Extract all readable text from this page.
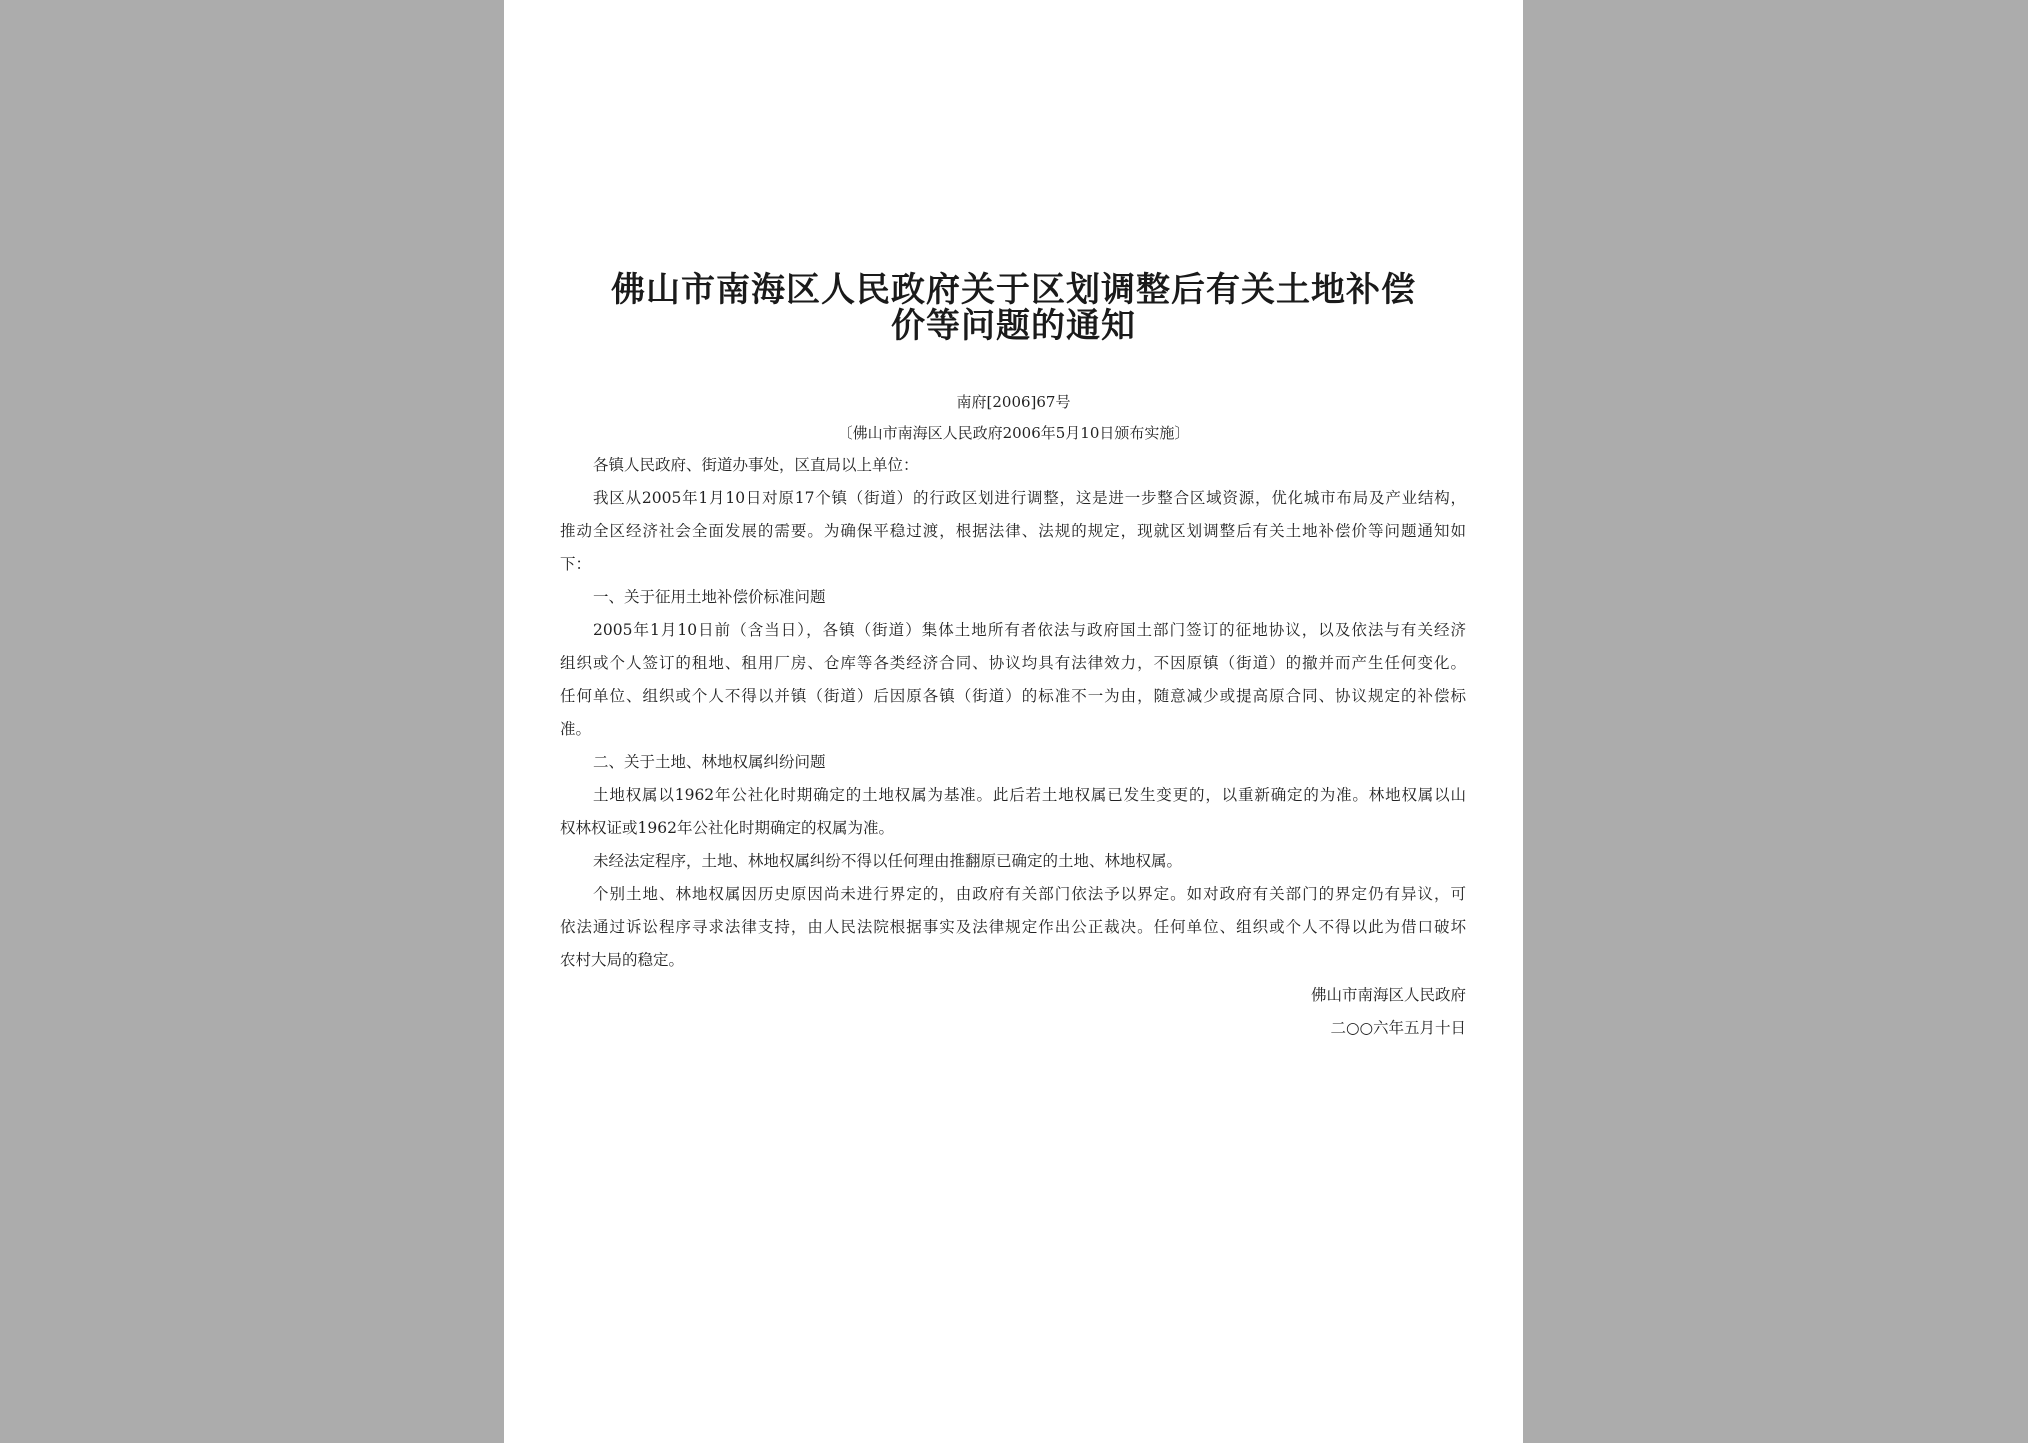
佛山市南海区人民政府关于区划调整后有关土地补偿
价等问题的通知
南府[2006]67号
〔佛山市南海区人民政府2006年5月10日颁布实施〕
各镇人民政府、街道办事处，区直局以上单位：
我区从2005年1月10日对原17个镇（街道）的行政区划进行调整，这是进一步整合区域资源，优化城市布局及产业结构，
推动全区经济社会全面发展的需要。为确保平稳过渡，根据法律、法规的规定，现就区划调整后有关土地补偿价等问题通知如
下：
一、关于征用土地补偿价标准问题
2005年1月10日前（含当日），各镇（街道）集体土地所有者依法与政府国土部门签订的征地协议，以及依法与有关经济
组织或个人签订的租地、租用厂房、仓库等各类经济合同、协议均具有法律效力，不因原镇（街道）的撤并而产生任何变化。
任何单位、组织或个人不得以并镇（街道）后因原各镇（街道）的标准不一为由，随意减少或提高原合同、协议规定的补偿标
准。
二、关于土地、林地权属纠纷问题
土地权属以1962年公社化时期确定的土地权属为基准。此后若土地权属已发生变更的，以重新确定的为准。林地权属以山
权林权证或1962年公社化时期确定的权属为准。
未经法定程序，土地、林地权属纠纷不得以任何理由推翻原已确定的土地、林地权属。
个别土地、林地权属因历史原因尚未进行界定的，由政府有关部门依法予以界定。如对政府有关部门的界定仍有异议，可
依法通过诉讼程序寻求法律支持，由人民法院根据事实及法律规定作出公正裁决。任何单位、组织或个人不得以此为借口破坏
农村大局的稳定。
佛山市南海区人民政府
二○○六年五月十日
